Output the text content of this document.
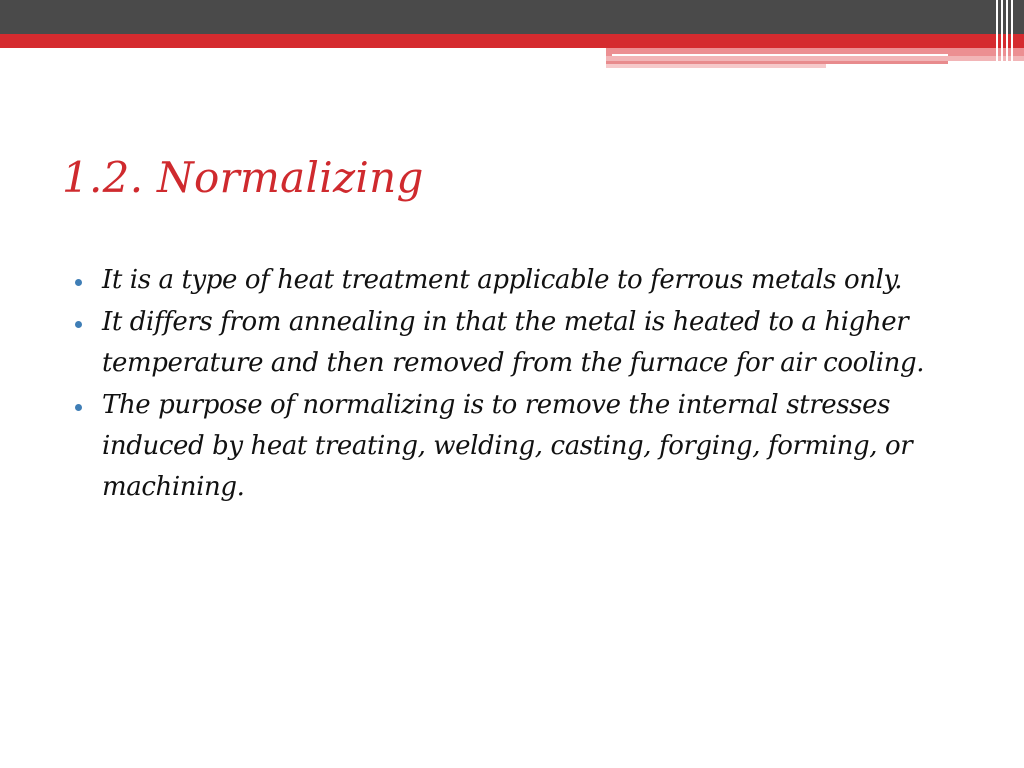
1.2. Normalizing
It is a type of heat treatment applicable to ferrous metals only.
It differs from annealing in that the metal is heated to a higher temperature and then removed from the furnace for air cooling.
The purpose of normalizing is to remove the internal stresses induced by heat treating, welding, casting, forging, forming, or machining.
